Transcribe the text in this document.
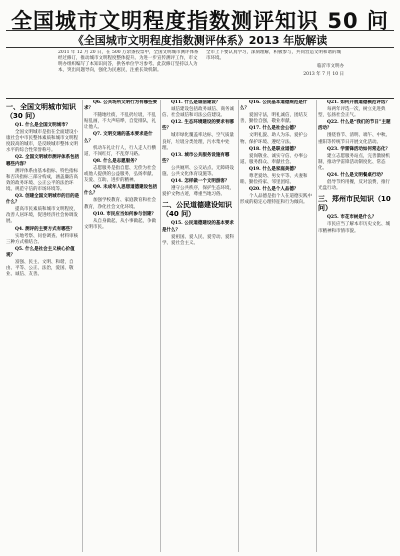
全国城市文明程度指数测评知识 50 问
《全国城市文明程度指数测评体系》2013 年版解读
2011 年 12 月 20 日，在 500 万余条投票中，全国文明城市测评体系经过修订，推动城市文明程度整体提升。为进一步宣传测评工作，市文明办组织编写了本知识问答，供各单位学习参考。此次修订坚持以人为本，突出问题导向，强化为民惠民，注重长效机制。
全市上下要认真学习，深刻理解，积极参与，共同营造文明和谐的城市环境。
临沂市文明办
2013 年 7 月 10 日

一、全国文明城市知识（30 问）

Q1. 什么是全国文明城市？

全国文明城市是指在全面建设小康社会中市民整体素质和城市文明程度较高的城市，是反映城市整体文明水平的综合性荣誉称号。

Q2. 全国文明城市测评体系包括哪些内容？

测评体系由基本指标、特色指标和否决指标三部分构成，涵盖廉洁高效的政务环境、公正公平的法治环境、规范守信的市场环境等。

Q3. 创建全国文明城市的目的是什么？

提高市民素质和城市文明程度，改善人居环境，促进经济社会协调发展。

Q4. 测评的主要方式有哪些？

实地考察、问卷调查、材料审核三种方式相结合。

Q5. 什么是社会主义核心价值观？

富强、民主、文明、和谐，自由、平等、公正、法治，爱国、敬业、诚信、友善。

Q6. 公共场所文明行为有哪些要求？

不随地吐痰，不乱扔垃圾，不乱贴乱画，不大声喧哗，自觉排队，礼让他人。

Q7. 文明交通的基本要求是什么？

机动车礼让行人，行人走人行横道，不闯红灯，不乱穿马路。

Q8. 什么是志愿服务？

志愿服务是指自愿、无偿为社会或他人提供的公益服务，弘扬奉献、友爱、互助、进步的精神。

Q9. 未成年人思想道德建设包括什么？

加强学校教育、家庭教育和社会教育，净化社会文化环境。

Q10. 市民应当如何参与创建？

从自身做起，从小事做起，争做文明市民。

Q11. 什么是诚信建设？

诚信建设包括政务诚信、商务诚信、社会诚信和司法公信建设。

Q12. 生态环境建设的要求有哪些？

城市绿化覆盖率达标，空气质量良好，垃圾分类处理，污水集中处理。

Q13. 城市公共服务设施有哪些？

公共厕所、公交站点、无障碍设施、公共文化体育设施等。

Q14. 怎样做一个文明游客？

遵守公共秩序，保护生态环境，爱护文物古迹，尊重当地习俗。

二、公民道德建设知识（40 问）

Q15. 公民道德建设的基本要求是什么？

爱祖国、爱人民、爱劳动、爱科学、爱社会主义。

Q16. 公民基本道德规范是什么？

爱国守法，明礼诚信，团结友善，勤俭自强，敬业奉献。

Q17. 什么是社会公德？

文明礼貌、助人为乐、爱护公物、保护环境、遵纪守法。

Q18. 什么是职业道德？

爱岗敬业、诚实守信、办事公道、服务群众、奉献社会。

Q19. 什么是家庭美德？

尊老爱幼、男女平等、夫妻和睦、勤俭持家、邻里团结。

Q20. 什么是个人品德？

个人品德是指个人在道德实践中形成的稳定心理特征和行为倾向。

Q21. 如何开展道德模范评选？

每两年评选一次，树立先进典型，弘扬社会正气。

Q22. 什么是“我们的节日”主题活动？

围绕春节、清明、端午、中秋、重阳等传统节日开展文化活动。

Q23. 学雷锋活动如何常态化？

建立志愿服务站点，完善激励机制，推动学雷锋活动制度化、常态化。

Q24. 什么是文明餐桌行动？

倡导节约用餐，反对浪费，推行光盘行动。

三、郑州市民知识（10 问）

Q25. 市花市树是什么？

市民应当了解本市历史文化、城市精神和市情市貌。
